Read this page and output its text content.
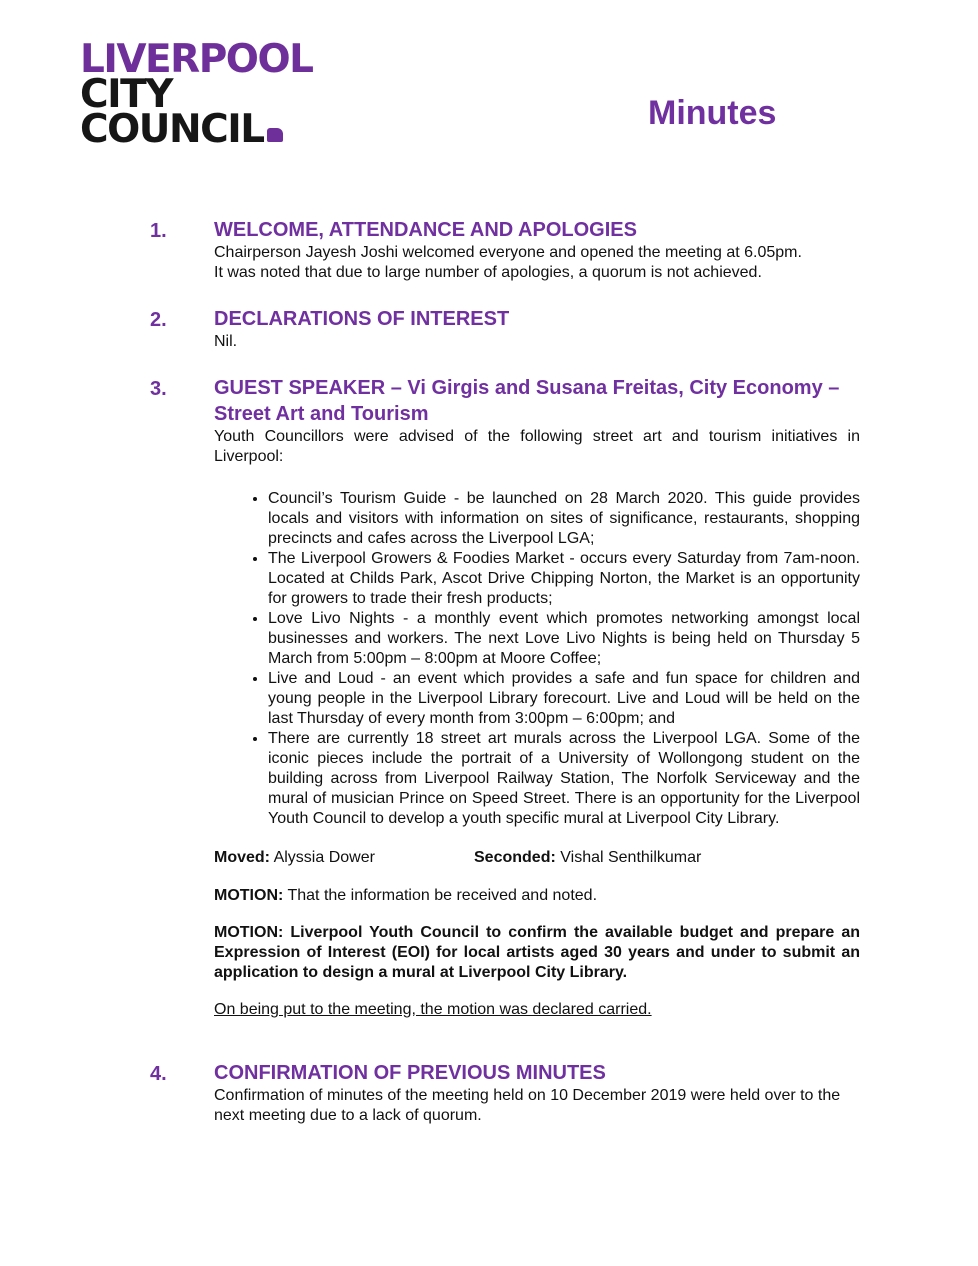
LIVERPOOL
CITY
COUNCIL	Minutes
1. WELCOME, ATTENDANCE AND APOLOGIES

Chairperson Jayesh Joshi welcomed everyone and opened the meeting at 6.05pm.

It was noted that due to large number of apologies, a quorum is not achieved.

2. DECLARATIONS OF INTEREST

Nil.

3. GUEST SPEAKER – Vi Girgis and Susana Freitas, City Economy – Street Art and Tourism

Youth Councillors were advised of the following street art and tourism initiatives in Liverpool:

• Council’s Tourism Guide - be launched on 28 March 2020. This guide provides locals and visitors with information on sites of significance, restaurants, shopping precincts and cafes across the Liverpool LGA;
• The Liverpool Growers & Foodies Market - occurs every Saturday from 7am-noon. Located at Childs Park, Ascot Drive Chipping Norton, the Market is an opportunity for growers to trade their fresh products;
• Love Livo Nights - a monthly event which promotes networking amongst local businesses and workers. The next Love Livo Nights is being held on Thursday 5 March from 5:00pm – 8:00pm at Moore Coffee;
• Live and Loud - an event which provides a safe and fun space for children and young people in the Liverpool Library forecourt. Live and Loud will be held on the last Thursday of every month from 3:00pm – 6:00pm; and
• There are currently 18 street art murals across the Liverpool LGA. Some of the iconic pieces include the portrait of a University of Wollongong student on the building across from Liverpool Railway Station, The Norfolk Serviceway and the mural of musician Prince on Speed Street. There is an opportunity for the Liverpool Youth Council to develop a youth specific mural at Liverpool City Library.
Moved: Alyssia Dower	Seconded: Vishal Senthilkumar
MOTION: That the information be received and noted.
MOTION: Liverpool Youth Council to confirm the available budget and prepare an Expression of Interest (EOI) for local artists aged 30 years and under to submit an application to design a mural at Liverpool City Library.
On being put to the meeting, the motion was declared carried.
4. CONFIRMATION OF PREVIOUS MINUTES

Confirmation of minutes of the meeting held on 10 December 2019 were held over to the next meeting due to a lack of quorum.
